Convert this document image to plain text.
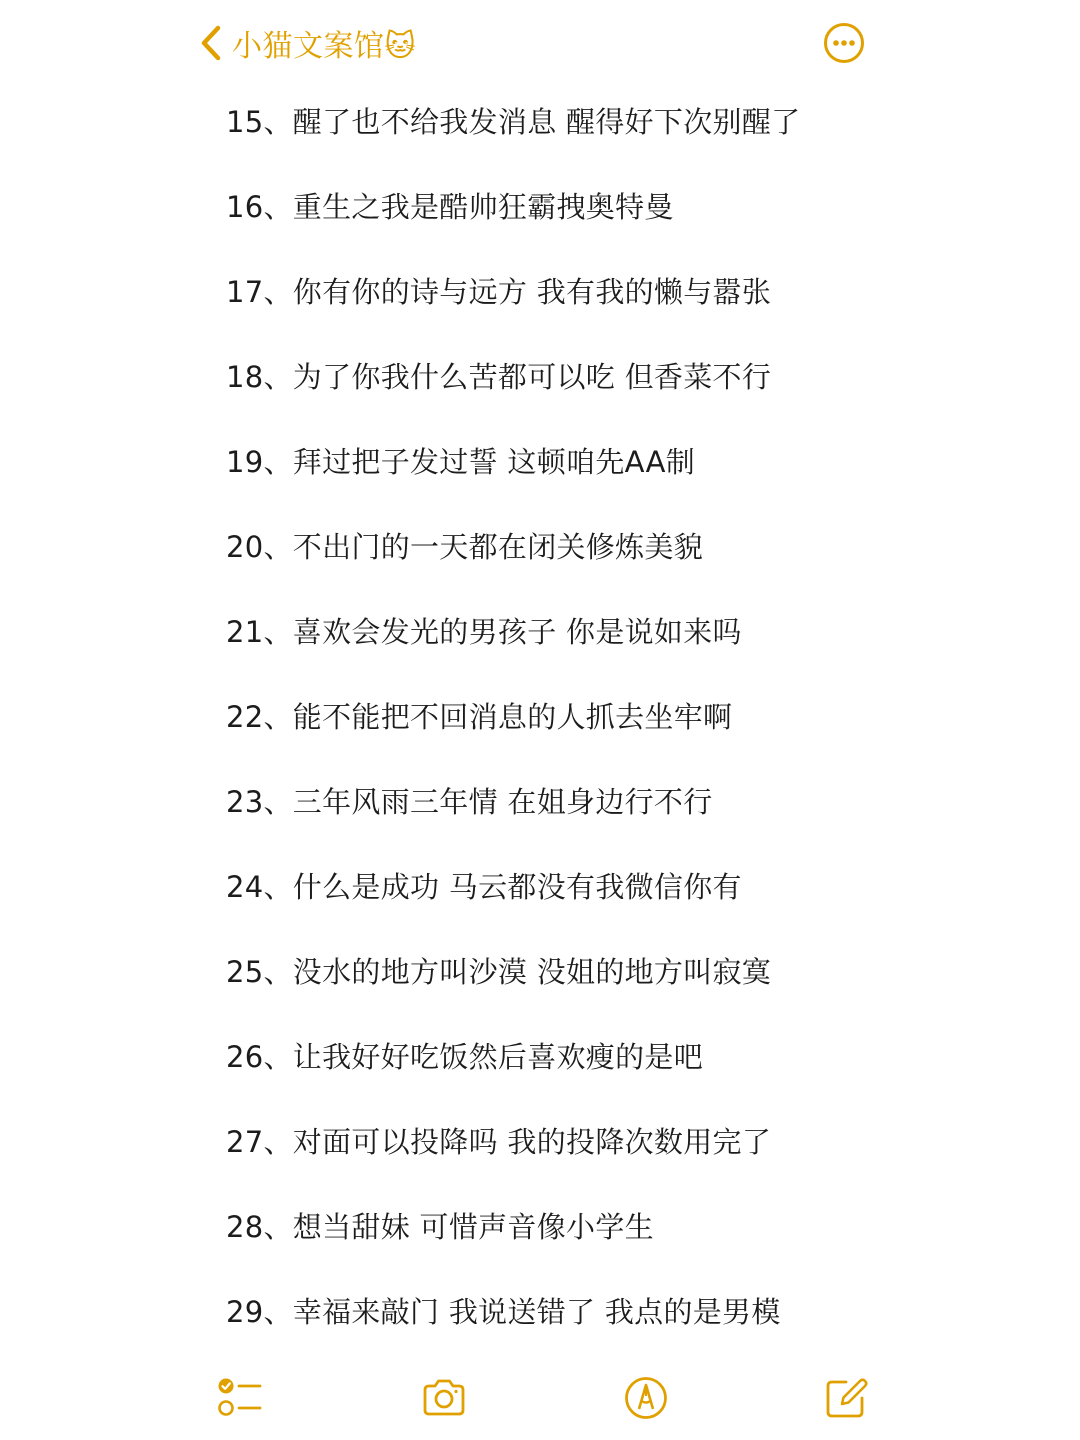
小猫文案馆🐱
15、醒了也不给我发消息 醒得好下次别醒了
16、重生之我是酷帅狂霸拽奥特曼
17、你有你的诗与远方 我有我的懒与嚣张
18、为了你我什么苦都可以吃 但香菜不行
19、拜过把子发过誓 这顿咱先AA制
20、不出门的一天都在闭关修炼美貌
21、喜欢会发光的男孩子 你是说如来吗
22、能不能把不回消息的人抓去坐牢啊
23、三年风雨三年情 在姐身边行不行
24、什么是成功 马云都没有我微信你有
25、没水的地方叫沙漠 没姐的地方叫寂寞
26、让我好好吃饭然后喜欢瘦的是吧
27、对面可以投降吗 我的投降次数用完了
28、想当甜妹 可惜声音像小学生
29、幸福来敲门 我说送错了 我点的是男模
